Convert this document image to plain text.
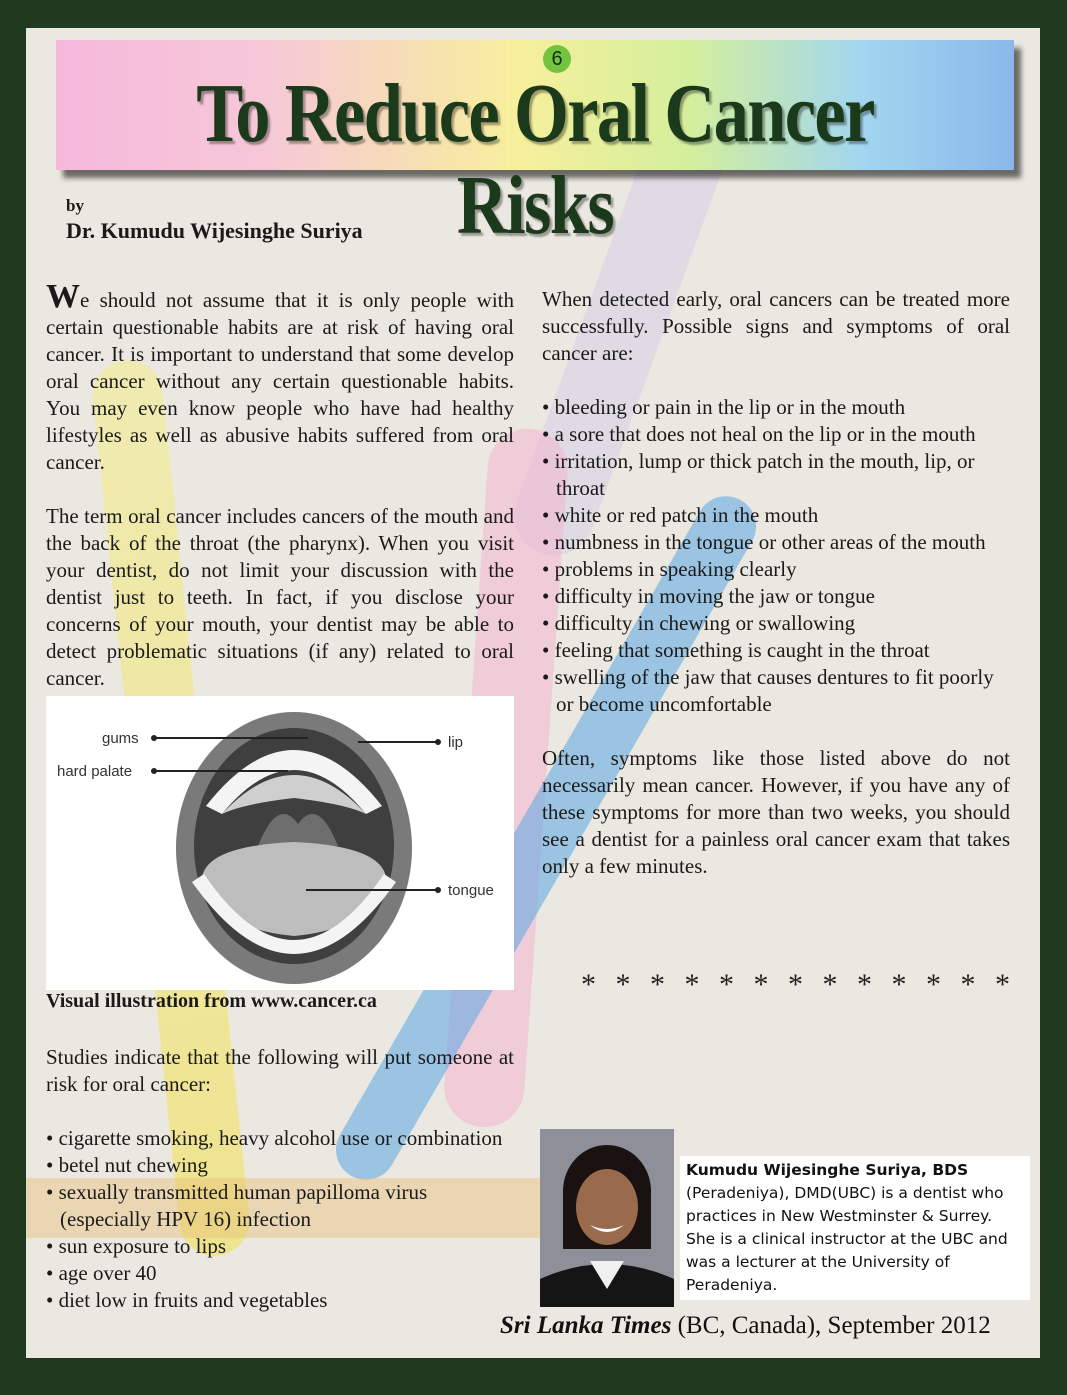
6
To Reduce Oral Cancer Risks
by
Dr. Kumudu Wijesinghe Suriya

We should not assume that it is only people with certain questionable habits are at risk of having oral cancer. It is important to understand that some develop oral cancer without any certain questionable habits. You may even know people who have had healthy lifestyles as well as abusive habits suffered from oral cancer.

The term oral cancer includes cancers of the mouth and the back of the throat (the pharynx). When you visit your dentist, do not limit your discussion with the dentist just to teeth. In fact, if you disclose your concerns of your mouth, your dentist may be able to detect problematic situations (if any) related to oral cancer.

gums
hard palate
lip
tongue
Visual illustration from www.cancer.ca

Studies indicate that the following will put someone at risk for oral cancer:

• cigarette smoking, heavy alcohol use or combination
• betel nut chewing
• sexually transmitted human papilloma virus (especially HPV 16) infection
• sun exposure to lips
• age over 40
• diet low in fruits and vegetables

When detected early, oral cancers can be treated more successfully. Possible signs and symptoms of oral cancer are:

• bleeding or pain in the lip or in the mouth
• a sore that does not heal on the lip or in the mouth
• irritation, lump or thick patch in the mouth, lip, or throat
• white or red patch in the mouth
• numbness in the tongue or other areas of the mouth
• problems in speaking clearly
• difficulty in moving the jaw or tongue
• difficulty in chewing or swallowing
• feeling that something is caught in the throat
• swelling of the jaw that causes dentures to fit poorly or become uncomfortable

Often, symptoms like those listed above do not necessarily mean cancer. However, if you have any of these symptoms for more than two weeks, you should see a dentist for a painless oral cancer exam that takes only a few minutes.

* * * * * * * * * * * * *
Kumudu Wijesinghe Suriya, BDS
(Peradeniya), DMD(UBC) is a dentist who practices in New Westminster & Surrey. She is a clinical instructor at the UBC and was a lecturer at the University of Peradeniya.
Sri Lanka Times (BC, Canada), September 2012
